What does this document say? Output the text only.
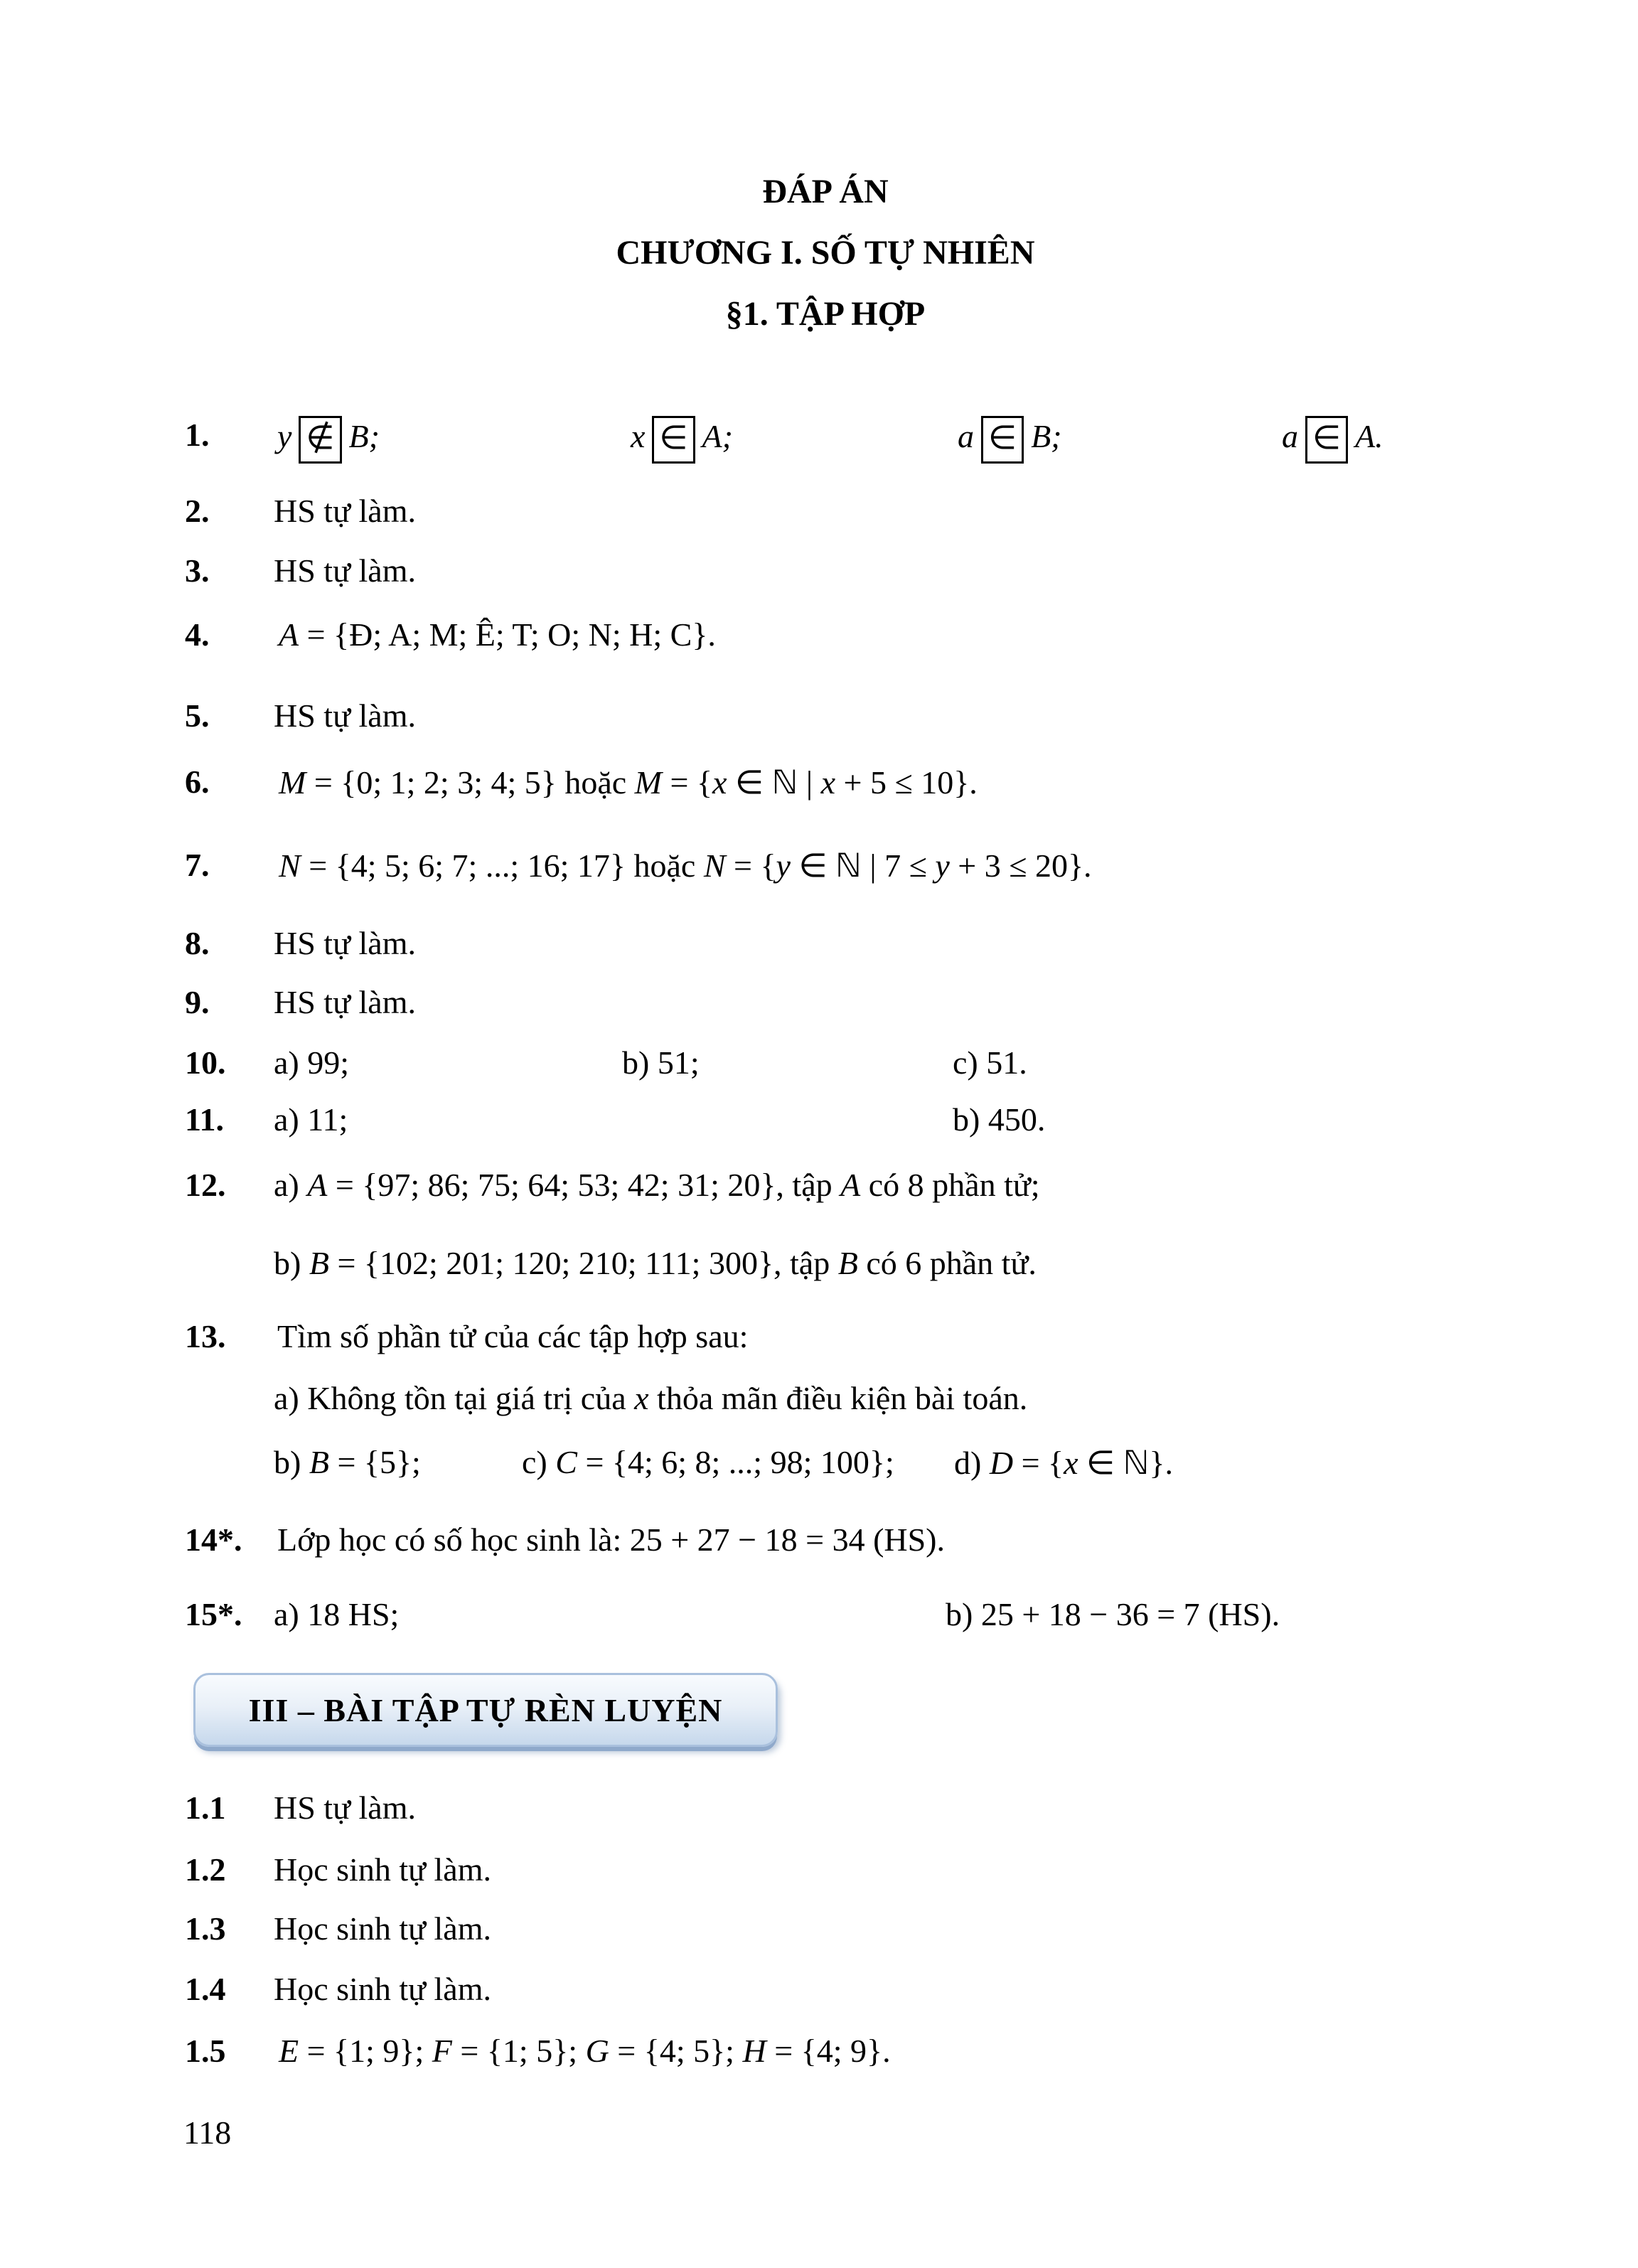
ĐÁP ÁN
CHƯƠNG I. SỐ TỰ NHIÊN
§1. TẬP HỢP
1. y ∉ B;	x ∈ A;	a ∈ B;	a ∈ A.
2. HS tự làm.
3. HS tự làm.
4. A = {Đ; A; M; Ê; T; O; N; H; C}.
5. HS tự làm.
6. M = {0; 1; 2; 3; 4; 5} hoặc M = {x ∈ ℕ | x + 5 ≤ 10}.
7. N = {4; 5; 6; 7; ...; 16; 17} hoặc N = {y ∈ ℕ | 7 ≤ y + 3 ≤ 20}.
8. HS tự làm.
9. HS tự làm.
10. a) 99;	b) 51;	c) 51.
11. a) 11;	b) 450.
12. a) A = {97; 86; 75; 64; 53; 42; 31; 20}, tập A có 8 phần tử;
b) B = {102; 201; 120; 210; 111; 300}, tập B có 6 phần tử.
13. Tìm số phần tử của các tập hợp sau:
a) Không tồn tại giá trị của x thỏa mãn điều kiện bài toán.
b) B = {5};	c) C = {4; 6; 8; ...; 98; 100}; d) D = {x ∈ ℕ}.
14*. Lớp học có số học sinh là: 25 + 27 − 18 = 34 (HS).
15*. a) 18 HS;	b) 25 + 18 − 36 = 7 (HS).
III – BÀI TẬP TỰ RÈN LUYỆN
1.1 HS tự làm.
1.2 Học sinh tự làm.
1.3 Học sinh tự làm.
1.4 Học sinh tự làm.
1.5 E = {1; 9}; F = {1; 5}; G = {4; 5}; H = {4; 9}.
118
